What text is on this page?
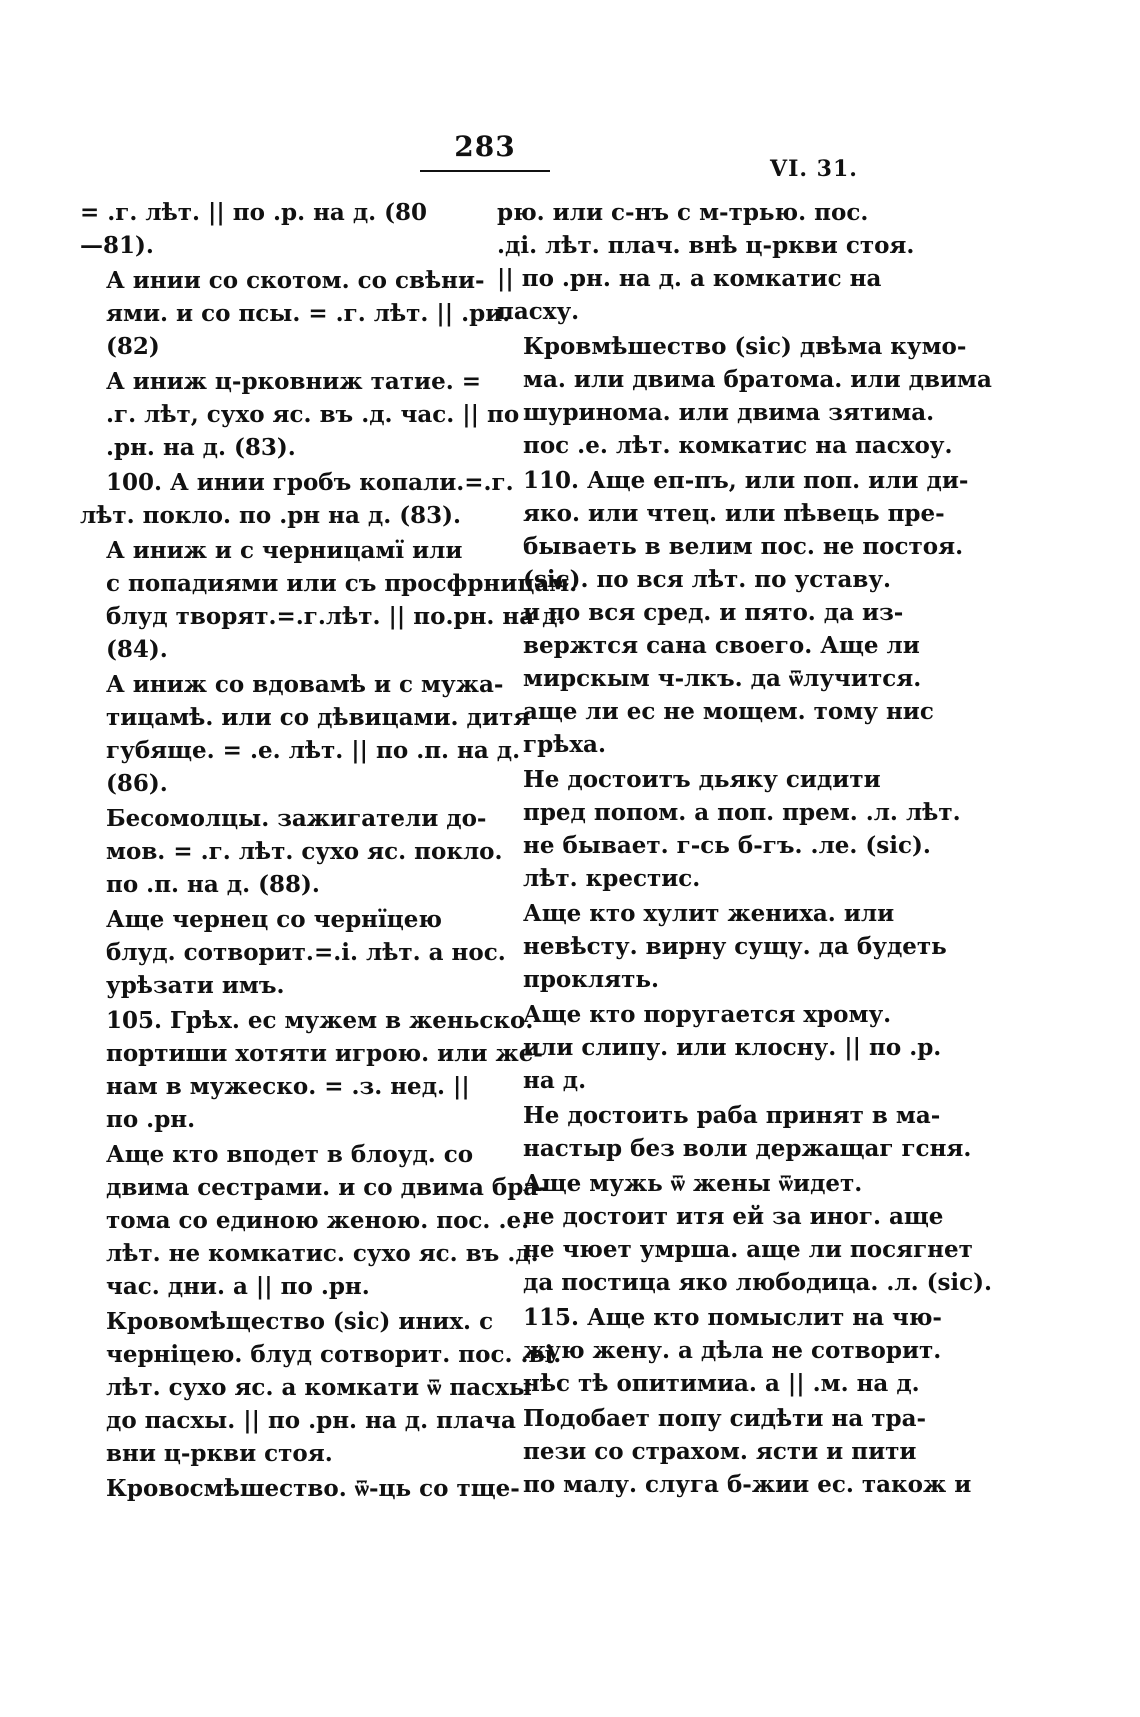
283
VI. 31.
= .г. лѣт. || по .р. на д. (80
—81).
А инии со скотом. со свѣни-
ями. и со псы. = .г. лѣт. || .ри.
(82)
А иниж ц-рковниж татие. =
.г. лѣт, сухо яс. въ .д. час. || по
.рн. на д. (83).
100. А инии гробъ копали.=.г.
лѣт. покло. по .рн на д. (83).
А иниж и с черницамї или
с попадиями или съ просфрницам.
блуд творят.=.г.лѣт. || по.рн. на д.
(84).
А иниж со вдовамѣ и с мужа-
тицамѣ. или со дѣвицами. дитя
губяще. = .е. лѣт. || по .п. на д.
(86).
Бесомолцы. зажигатели до-
мов. = .г. лѣт. сухо яс. покло.
по .п. на д. (88).
Аще чернец со чернїцею
блуд. сотворит.=.і. лѣт. а нос.
урѣзати имъ.
105. Грѣх. ес мужем в женьско.
портиши хотяти игрою. или же-
нам в мужеско. = .з. нед. ||
по .рн.
Аще кто вподет в блоуд. со
двима сестрами. и со двима бра-
тома со единою женою. пос. .е.
лѣт. не комкатис. сухо яс. въ .д.
час. дни. а || по .рн.
Кровомѣщество (sic) иних. с
черніцею. блуд сотворит. пос. .ві.
лѣт. сухо яс. а комкати ѿ пасхы
до пасхы. || по .рн. на д. плача
вни ц-ркви стоя.
Кровосмѣшество. ѿ-ць со тще-
рю. или с-нъ с м-трью. пос.
.ді. лѣт. плач. внѣ ц-ркви стоя.
|| по .рн. на д. а комкатис на
пасху.
Кровмѣшество (sic) двѣма кумо-
ма. или двима братома. или двима
шуринома. или двима зятима.
пос .е. лѣт. комкатис на пасхоу.
110. Аще еп-пъ, или поп. или ди-
яко. или чтец. или пѣвець пре-
бываеть в велим пос. не постоя.
(sic). по вся лѣт. по уставу.
и по вся сред. и пято. да из-
вержтся сана своего. Аще ли
мирскым ч-лкъ. да ѿлучится.
аще ли ес не мощем. тому нис
грѣха.
Не достоитъ дьяку сидити
пред попом. а поп. прем. .л. лѣт.
не бывает. г-сь б-гъ. .ле. (sic).
лѣт. крестис.
Аще кто хулит жениха. или
невѣсту. вирну сущу. да будеть
проклять.
Аще кто поругается хрому.
или слипу. или клосну. || по .р.
на д.
Не достоить раба принят в ма-
настыр без воли держащаг гсня.
Аще мужь ѿ жены ѿидет.
не достоит итя ей за иног. аще
не чюет умрша. аще ли посягнет
да постица яко любодица. .л. (sic).
115. Аще кто помыслит на чю-
жую жену. а дѣла не сотворит.
нѣс тѣ опитимиа. а || .м. на д.
Подобает попу сидѣти на тра-
пези со страхом. ясти и пити
по малу. слуга б-жии ес. також и
